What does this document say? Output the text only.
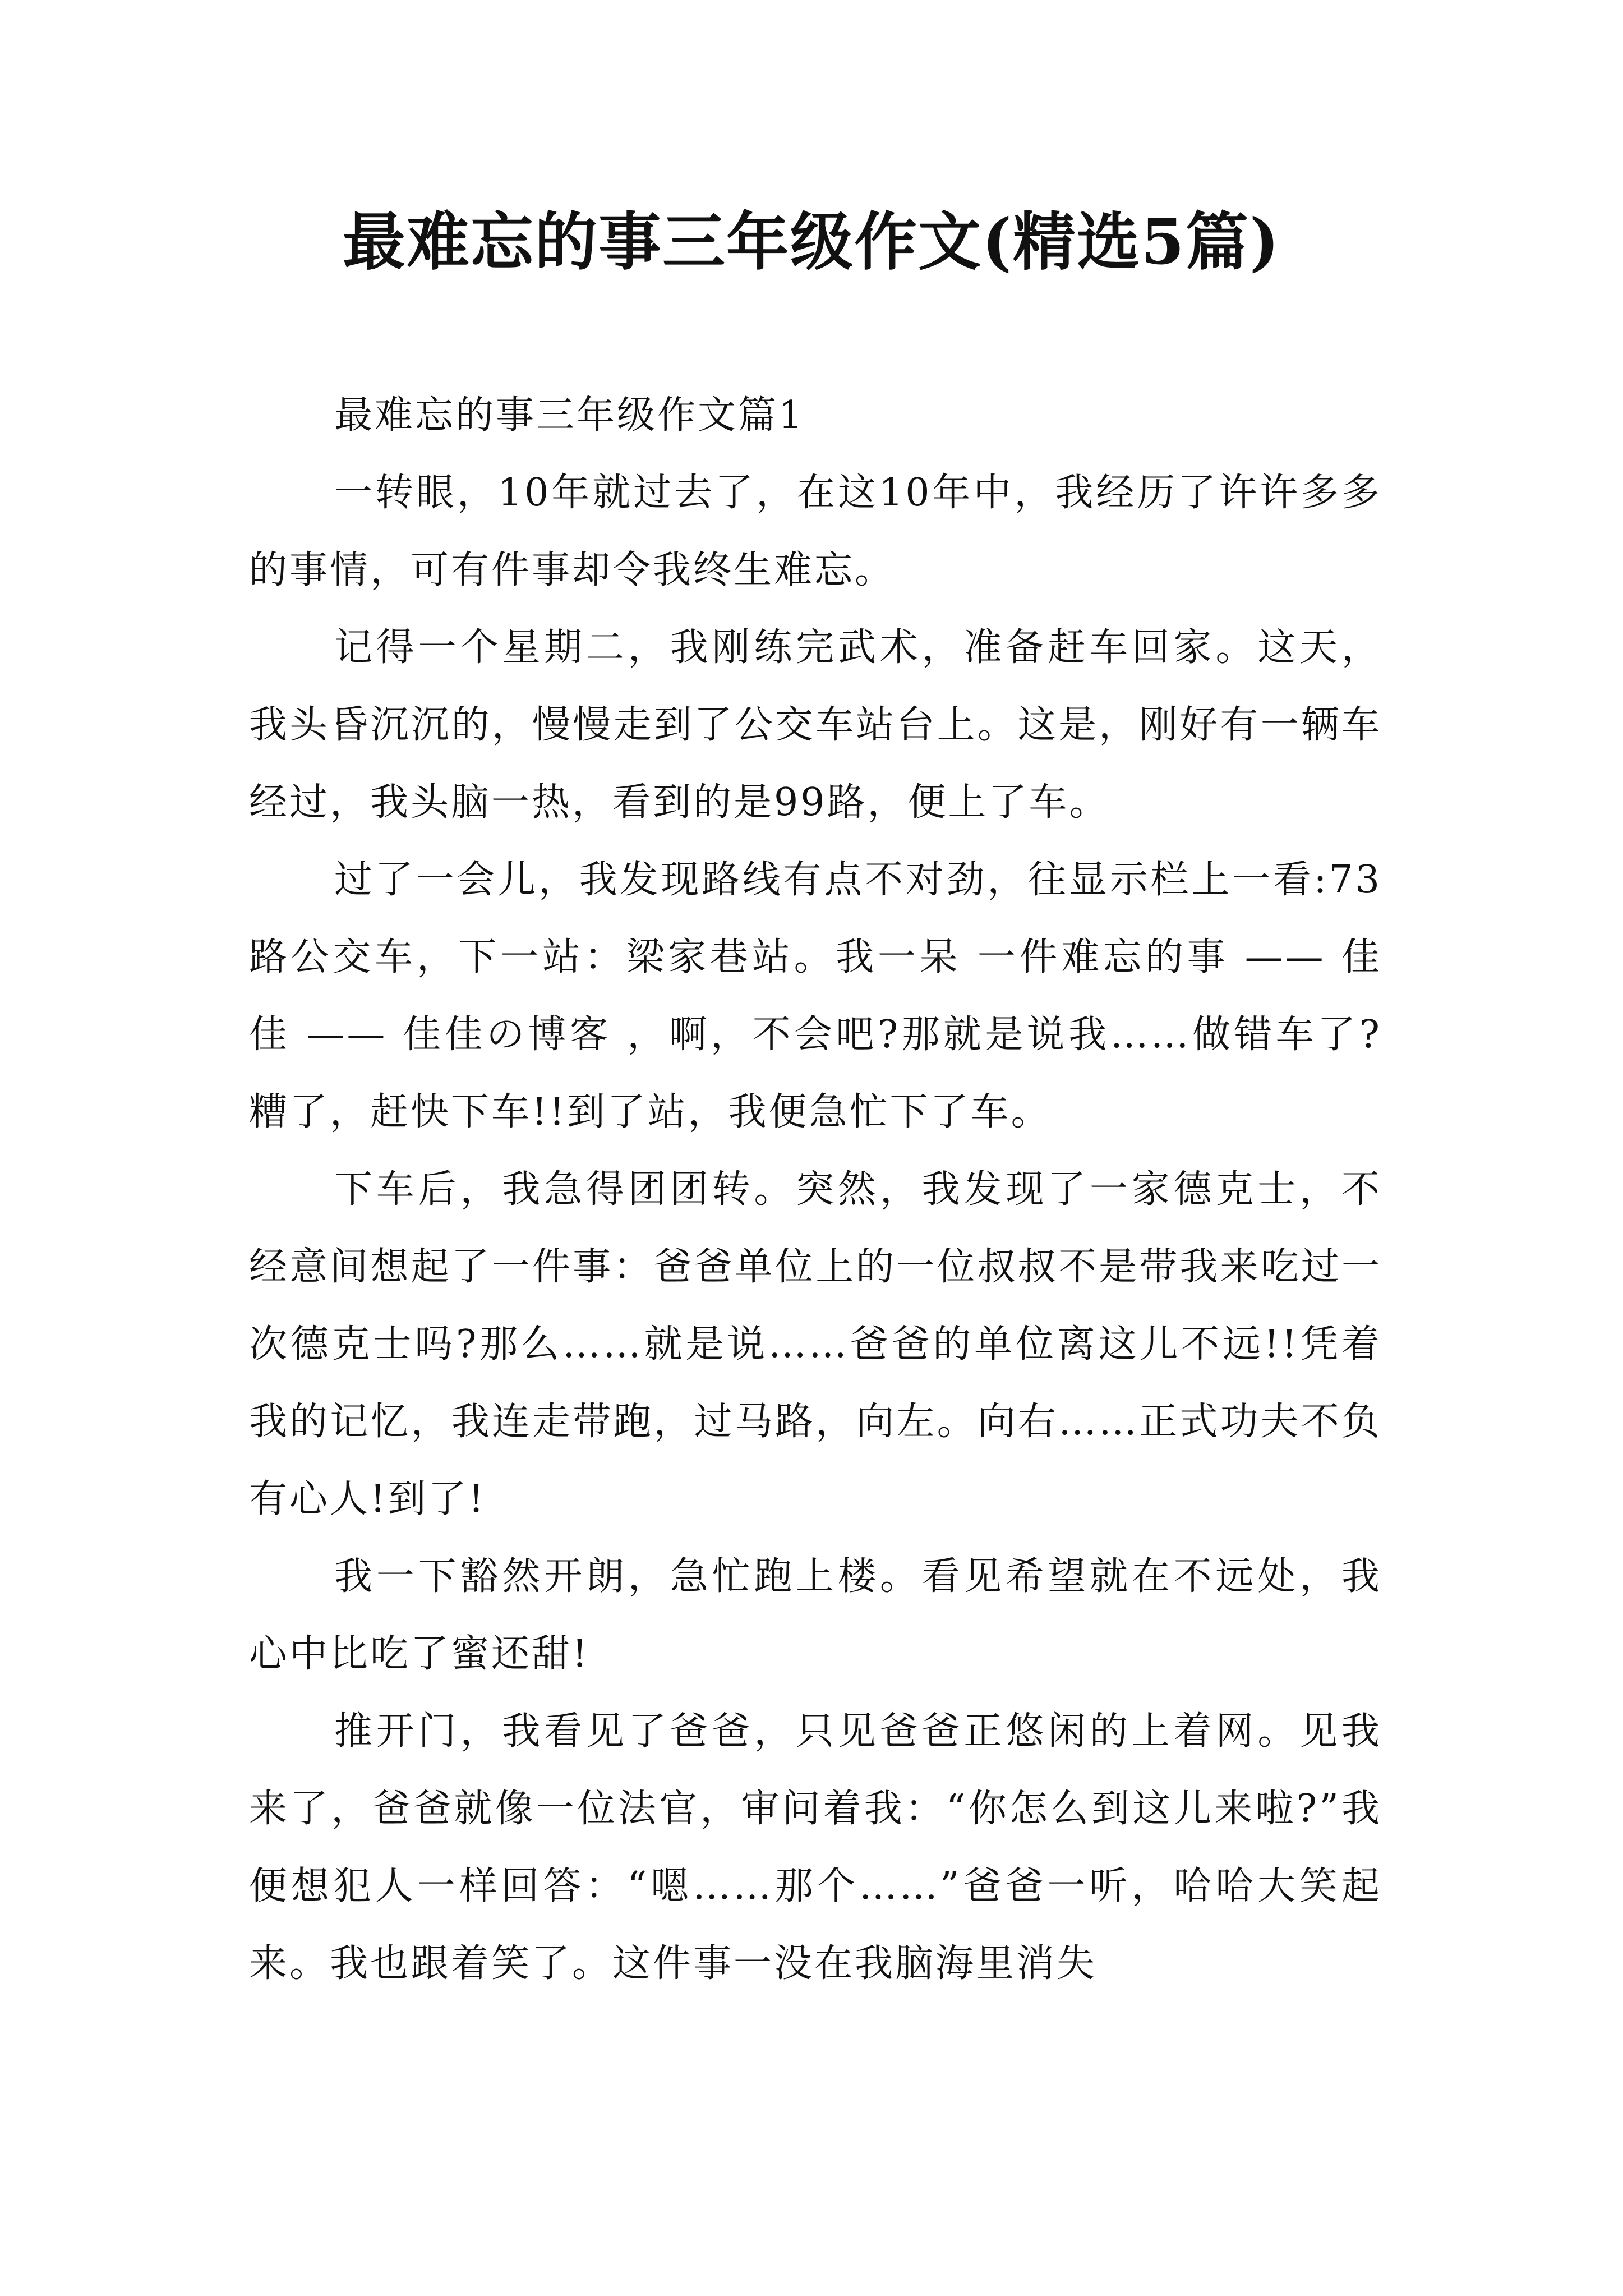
最难忘的事三年级作文(精选5篇)

最难忘的事三年级作文篇1

一转眼，10年就过去了，在这10年中，我经历了许许多多的事情，可有件事却令我终生难忘。

记得一个星期二，我刚练完武术，准备赶车回家。这天，我头昏沉沉的，慢慢走到了公交车站台上。这是，刚好有一辆车经过，我头脑一热，看到的是99路，便上了车。

过了一会儿，我发现路线有点不对劲，往显示栏上一看:73路公交车，下一站：梁家巷站。我一呆 一件难忘的事 —— 佳佳 —— 佳佳の博客 ，啊，不会吧?那就是说我……做错车了?糟了，赶快下车!!到了站，我便急忙下了车。

下车后，我急得团团转。突然，我发现了一家德克士，不经意间想起了一件事：爸爸单位上的一位叔叔不是带我来吃过一次德克士吗?那么……就是说……爸爸的单位离这儿不远!!凭着我的记忆，我连走带跑，过马路，向左。向右……正式功夫不负有心人!到了!

我一下豁然开朗，急忙跑上楼。看见希望就在不远处，我心中比吃了蜜还甜!

推开门，我看见了爸爸，只见爸爸正悠闲的上着网。见我来了，爸爸就像一位法官，审问着我：“你怎么到这儿来啦?”我便想犯人一样回答：“嗯……那个……”爸爸一听，哈哈大笑起来。我也跟着笑了。这件事一没在我脑海里消失
